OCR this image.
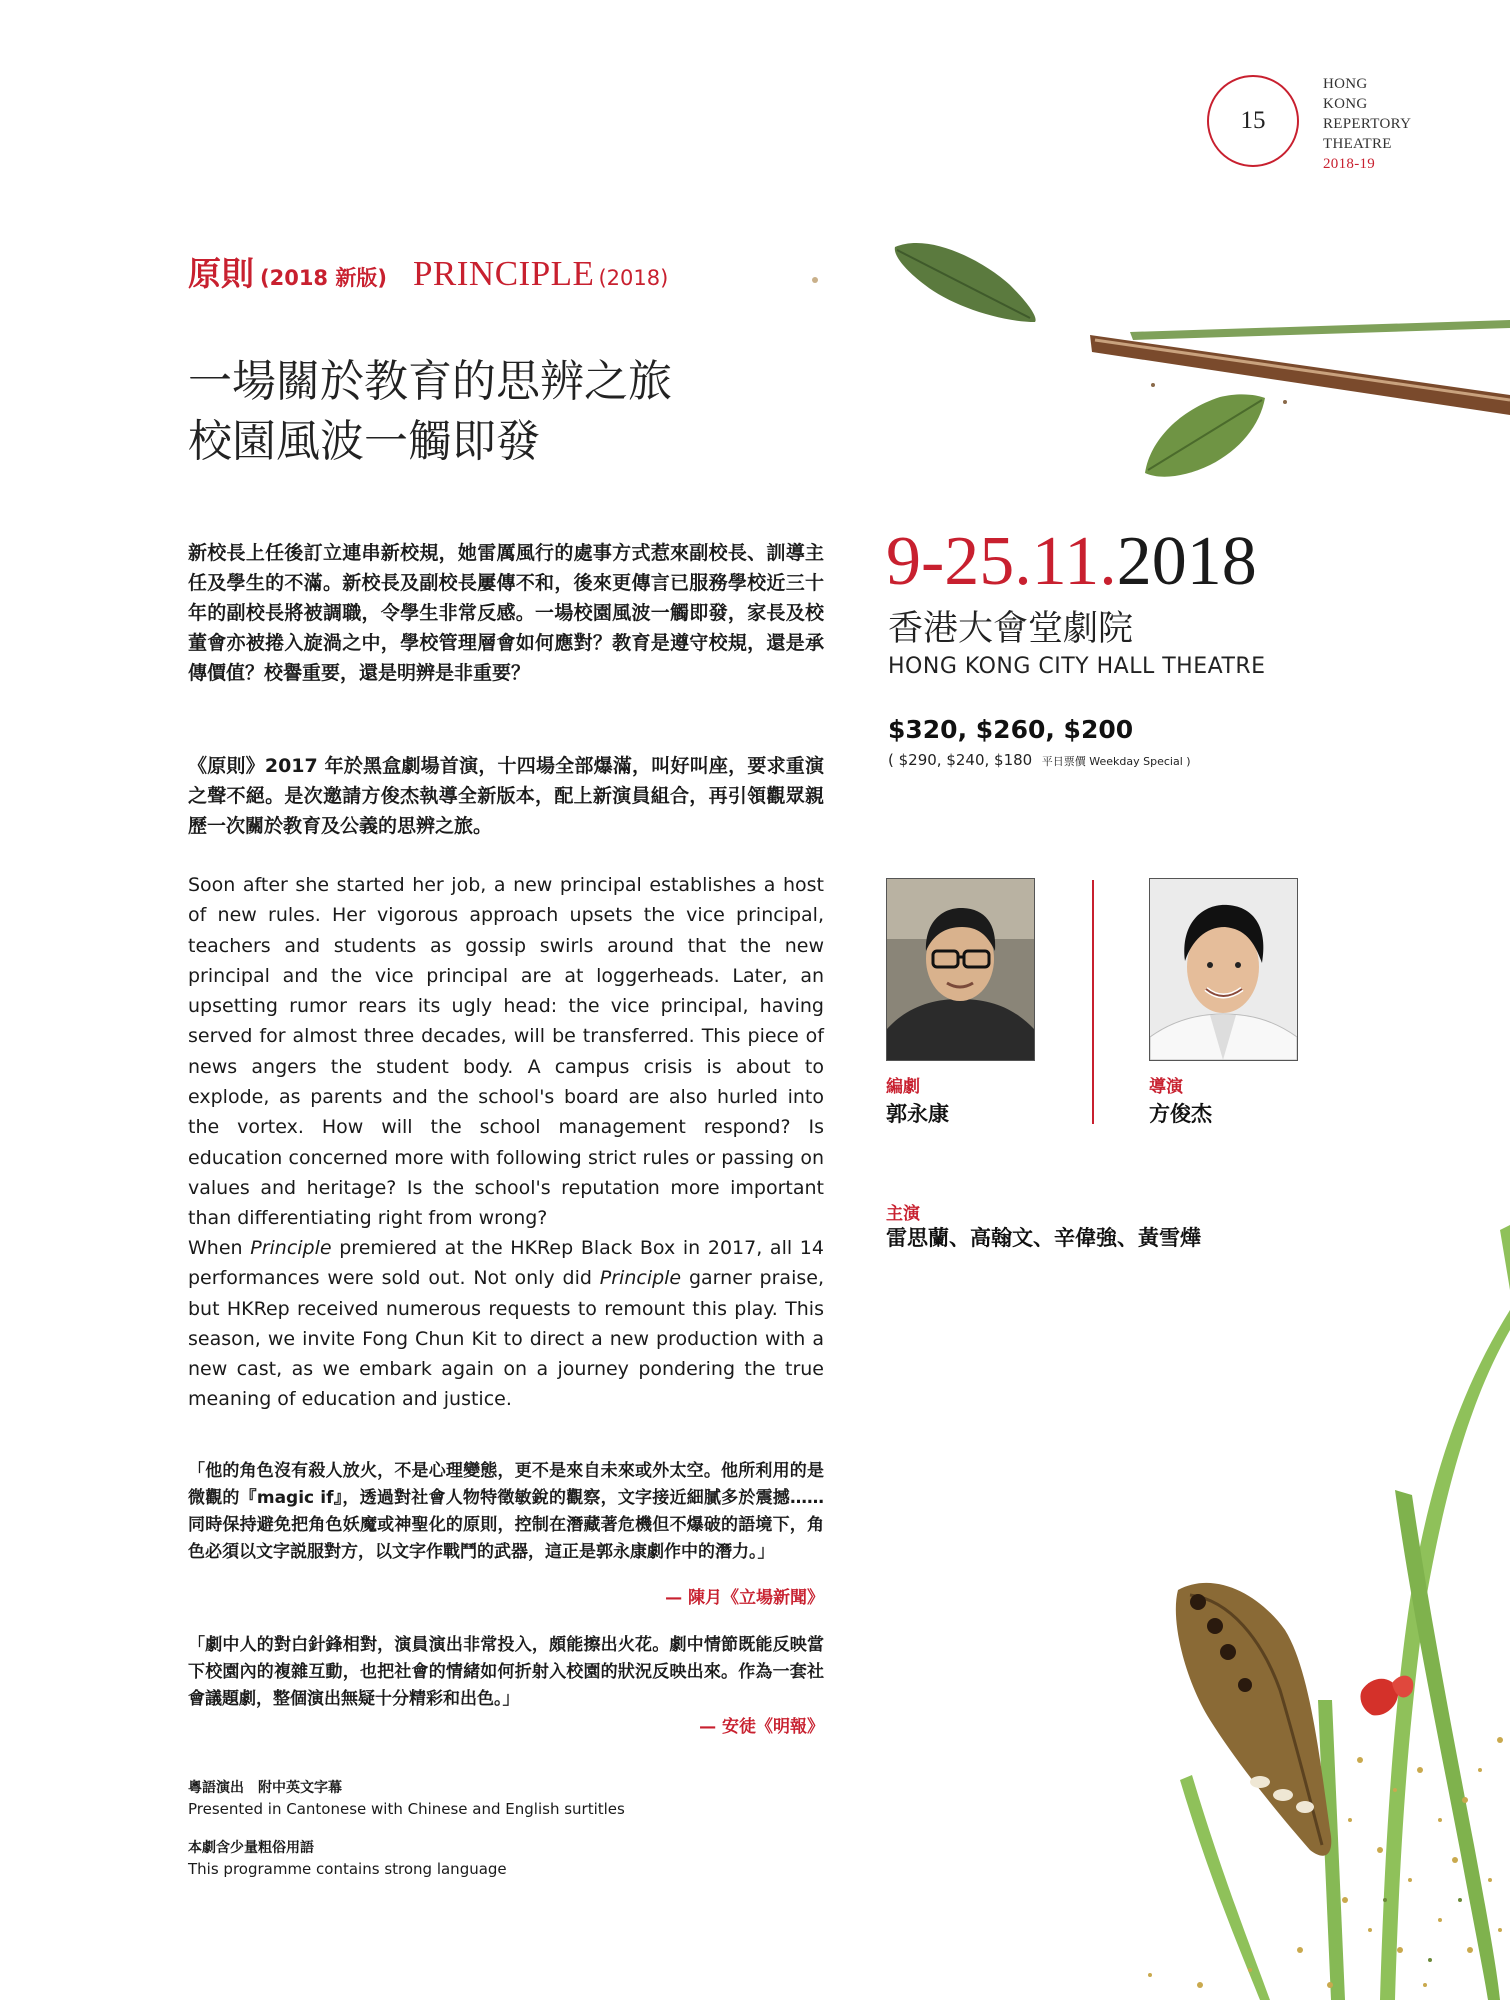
15
HONG
KONG
REPERTORY
THEATRE
2018-19
原則 (2018 新版) PRINCIPLE (2018)
一場關於教育的思辨之旅
校園風波一觸即發
新校長上任後訂立連串新校規，她雷厲風行的處事方式惹來副校長、訓導主任及學生的不滿。新校長及副校長屢傳不和，後來更傳言已服務學校近三十年的副校長將被調職，令學生非常反感。一場校園風波一觸即發，家長及校董會亦被捲入旋渦之中，學校管理層會如何應對？教育是遵守校規，還是承傳價值？校譽重要，還是明辨是非重要？
《原則》2017 年於黑盒劇場首演，十四場全部爆滿，叫好叫座，要求重演之聲不絕。是次邀請方俊杰執導全新版本，配上新演員組合，再引領觀眾親歷一次關於教育及公義的思辨之旅。
Soon after she started her job, a new principal establishes a host of new rules. Her vigorous approach upsets the vice principal, teachers and students as gossip swirls around that the new principal and the vice principal are at loggerheads. Later, an upsetting rumor rears its ugly head: the vice principal, having served for almost three decades, will be transferred. This piece of news angers the student body. A campus crisis is about to explode, as parents and the school's board are also hurled into the vortex. How will the school management respond? Is education concerned more with following strict rules or passing on values and heritage? Is the school's reputation more important than differentiating right from wrong?
When Principle premiered at the HKRep Black Box in 2017, all 14 performances were sold out. Not only did Principle garner praise, but HKRep received numerous requests to remount this play. This season, we invite Fong Chun Kit to direct a new production with a new cast, as we embark again on a journey pondering the true meaning of education and justice.
「他的角色沒有殺人放火，不是心理變態，更不是來自未來或外太空。他所利用的是微觀的『magic if』，透過對社會人物特徵敏銳的觀察，文字接近細膩多於震撼……同時保持避免把角色妖魔或神聖化的原則，控制在潛藏著危機但不爆破的語境下，角色必須以文字説服對方，以文字作戰鬥的武器，這正是郭永康劇作中的潛力。」
— 陳月《立場新聞》
「劇中人的對白針鋒相對，演員演出非常投入，頗能擦出火花。劇中情節既能反映當下校園內的複雜互動，也把社會的情緒如何折射入校園的狀況反映出來。作為一套社會議題劇，整個演出無疑十分精彩和出色。」
— 安徒《明報》
粵語演出　附中英文字幕
Presented in Cantonese with Chinese and English surtitles
本劇含少量粗俗用語
This programme contains strong language
9-25.11.2018
香港大會堂劇院
HONG KONG CITY HALL THEATRE
$320, $260, $200
( $290, $240, $180 平日票價 Weekday Special )
編劇
郭永康
導演
方俊杰
主演
雷思蘭、高翰文、辛偉強、黃雪燁
